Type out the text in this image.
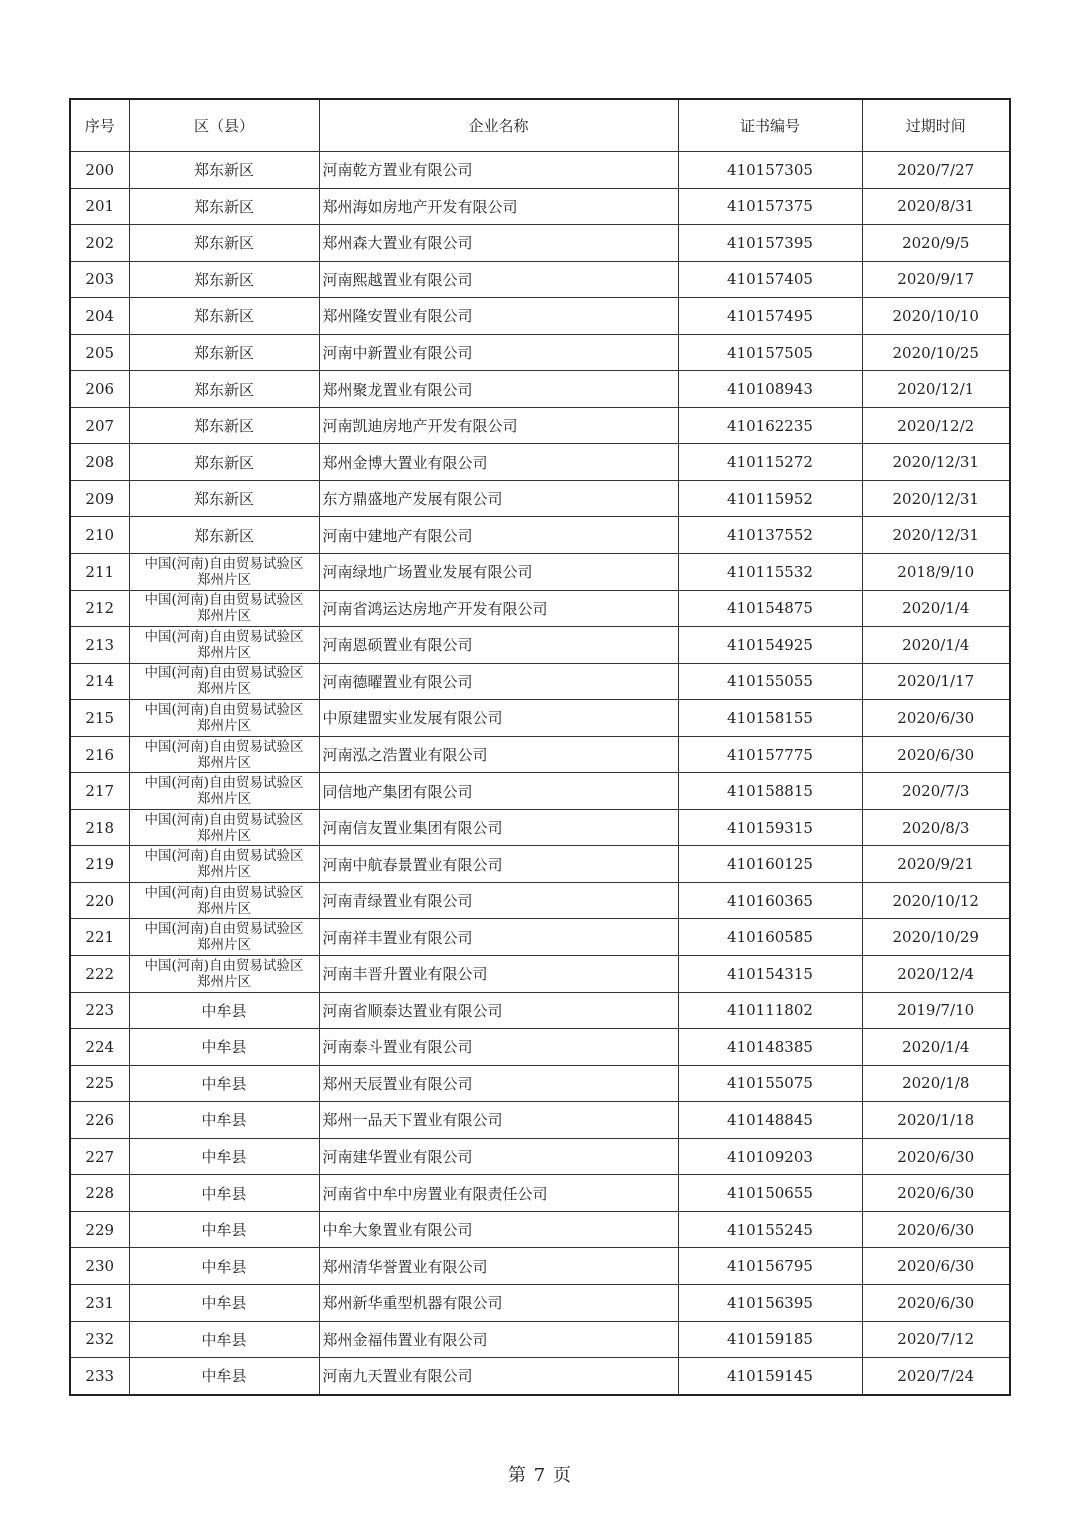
序号	区（县）	企业名称	证书编号	过期时间
200	郑东新区	河南乾方置业有限公司	410157305	2020/7/27
201	郑东新区	郑州海如房地产开发有限公司	410157375	2020/8/31
202	郑东新区	郑州森大置业有限公司	410157395	2020/9/5
203	郑东新区	河南熙越置业有限公司	410157405	2020/9/17
204	郑东新区	郑州隆安置业有限公司	410157495	2020/10/10
205	郑东新区	河南中新置业有限公司	410157505	2020/10/25
206	郑东新区	郑州聚龙置业有限公司	410108943	2020/12/1
207	郑东新区	河南凯迪房地产开发有限公司	410162235	2020/12/2
208	郑东新区	郑州金博大置业有限公司	410115272	2020/12/31
209	郑东新区	东方鼎盛地产发展有限公司	410115952	2020/12/31
210	郑东新区	河南中建地产有限公司	410137552	2020/12/31
211	中国(河南)自由贸易试验区
郑州片区	河南绿地广场置业发展有限公司	410115532	2018/9/10
212	中国(河南)自由贸易试验区
郑州片区	河南省鸿运达房地产开发有限公司	410154875	2020/1/4
213	中国(河南)自由贸易试验区
郑州片区	河南恩硕置业有限公司	410154925	2020/1/4
214	中国(河南)自由贸易试验区
郑州片区	河南德曜置业有限公司	410155055	2020/1/17
215	中国(河南)自由贸易试验区
郑州片区	中原建盟实业发展有限公司	410158155	2020/6/30
216	中国(河南)自由贸易试验区
郑州片区	河南泓之浩置业有限公司	410157775	2020/6/30
217	中国(河南)自由贸易试验区
郑州片区	同信地产集团有限公司	410158815	2020/7/3
218	中国(河南)自由贸易试验区
郑州片区	河南信友置业集团有限公司	410159315	2020/8/3
219	中国(河南)自由贸易试验区
郑州片区	河南中航春景置业有限公司	410160125	2020/9/21
220	中国(河南)自由贸易试验区
郑州片区	河南青绿置业有限公司	410160365	2020/10/12
221	中国(河南)自由贸易试验区
郑州片区	河南祥丰置业有限公司	410160585	2020/10/29
222	中国(河南)自由贸易试验区
郑州片区	河南丰晋升置业有限公司	410154315	2020/12/4
223	中牟县	河南省顺泰达置业有限公司	410111802	2019/7/10
224	中牟县	河南泰斗置业有限公司	410148385	2020/1/4
225	中牟县	郑州天辰置业有限公司	410155075	2020/1/8
226	中牟县	郑州一品天下置业有限公司	410148845	2020/1/18
227	中牟县	河南建华置业有限公司	410109203	2020/6/30
228	中牟县	河南省中牟中房置业有限责任公司	410150655	2020/6/30
229	中牟县	中牟大象置业有限公司	410155245	2020/6/30
230	中牟县	郑州清华誉置业有限公司	410156795	2020/6/30
231	中牟县	郑州新华重型机器有限公司	410156395	2020/6/30
232	中牟县	郑州金福伟置业有限公司	410159185	2020/7/12
233	中牟县	河南九天置业有限公司	410159145	2020/7/24
第 7 页
